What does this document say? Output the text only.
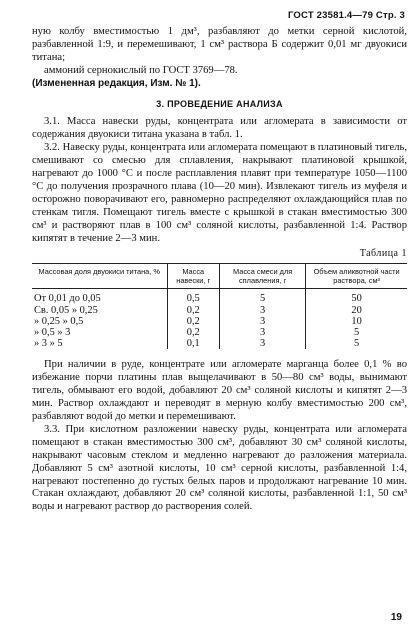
ГОСТ 23581.4—79 Стр. 3

ную колбу вместимостью 1 дм³, разбавляют до метки серной кислотой, разбавленной 1:9, и перемешивают, 1 см³ раствора Б содержит 0,01 мг двуокиси титана;

аммоний сернокислый по ГОСТ 3769—78.

(Измененная редакция, Изм. № 1).

3. ПРОВЕДЕНИЕ АНАЛИЗА

3.1. Масса навески руды, концентрата или агломерата в зависимости от содержания двуокиси титана указана в табл. 1.

3.2. Навеску руды, концентрата или агломерата помещают в платиновый тигель, смешивают со смесью для сплавления, накрывают платиновой крышкой, нагревают до 1000 °С и после расплавления плавят при температуре 1050—1100 °С до получения прозрачного плава (10—20 мин). Извлекают тигель из муфеля и осторожно поворачивают его, равномерно распределяют охлаждающийся плав по стенкам тигля. Помещают тигель вместе с крышкой в стакан вместимостью 300 см³ и растворяют плав в 100 см³ соляной кислоты, разбавленной 1:4. Раствор кипятят в течение 2—3 мин.

Таблица 1
Массовая доля двуокиси титана, %	Масса навески, г	Масса смеси для сплавления, г	Объем аликвотной части раствора, см³
От 0,01 до 0,05	0,5	5	50
Св. 0,05 » 0,25	0,2	3	20
» 0,25 » 0,5	0,2	3	10
» 0,5 » 3	0,2	3	5
» 3 » 5	0,1	3	5

При наличии в руде, концентрате или агломерате марганца более 0,1 % во избежание порчи платины плав выщелачивают в 50—80 см³ воды, вынимают тигель, обмывают его водой, добавляют 20 см³ соляной кислоты и кипятят 2—3 мин. Раствор охлаждают и переводят в мерную колбу вместимостью 200 см³, разбавляют водой до метки и перемешивают.

3.3. При кислотном разложении навеску руды, концентрата или агломерата помещают в стакан вместимостью 300 см³, добавляют 30 см³ соляной кислоты, накрывают часовым стеклом и медленно нагревают до разложения материала. Добавляют 5 см³ азотной кислоты, 10 см³ серной кислоты, разбавленной 1:4, нагревают постепенно до густых белых паров и продолжают нагревание 10 мин. Стакан охлаждают, добавляют 20 см³ соляной кислоты, разбавленной 1:1, 50 см³ воды и нагревают раствор до растворения солей.

19
